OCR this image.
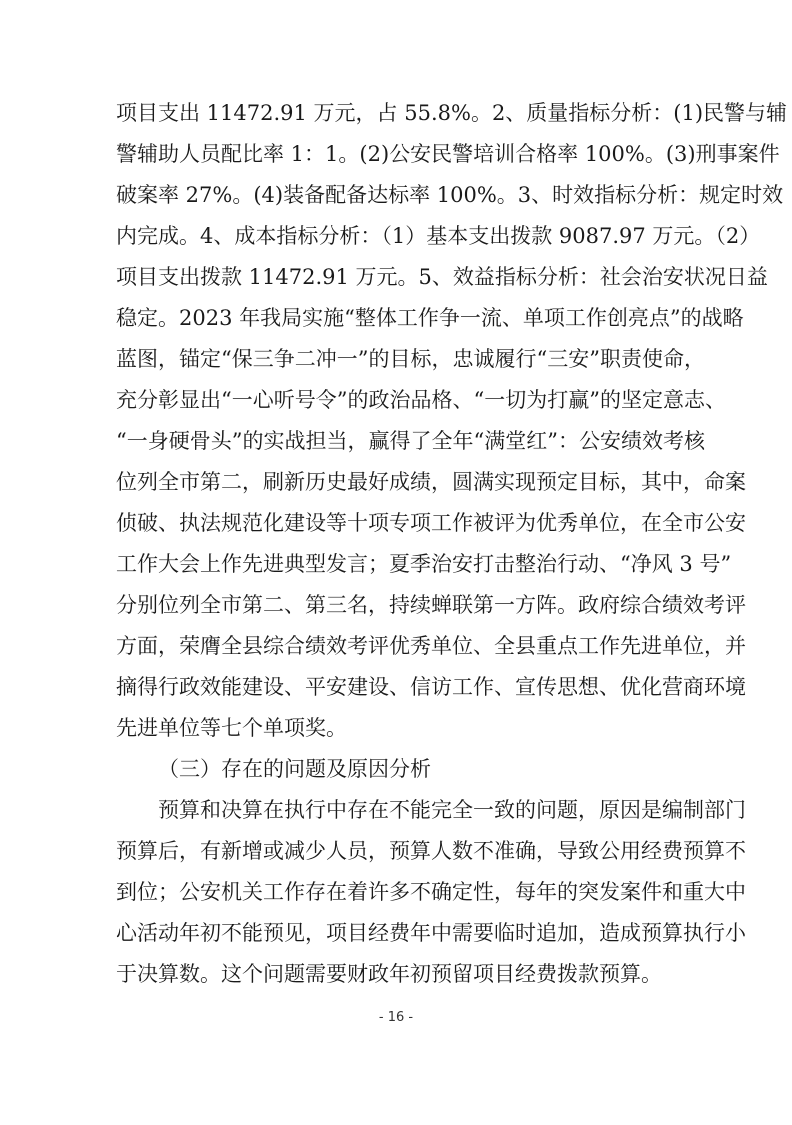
项目支出 11472.91 万元，占 55.8%。2、质量指标分析：(1)民警与辅
警辅助人员配比率 1：1。(2)公安民警培训合格率 100%。(3)刑事案件
破案率 27%。(4)装备配备达标率 100%。3、时效指标分析：规定时效
内完成。4、成本指标分析：（1）基本支出拨款 9087.97 万元。（2）
项目支出拨款 11472.91 万元。5、效益指标分析：社会治安状况日益
稳定。2023 年我局实施“整体工作争一流、单项工作创亮点”的战略
蓝图，锚定“保三争二冲一”的目标，忠诚履行“三安”职责使命，
充分彰显出“一心听号令”的政治品格、“一切为打赢”的坚定意志、
“一身硬骨头”的实战担当，赢得了全年“满堂红”：公安绩效考核
位列全市第二，刷新历史最好成绩，圆满实现预定目标，其中，命案
侦破、执法规范化建设等十项专项工作被评为优秀单位，在全市公安
工作大会上作先进典型发言；夏季治安打击整治行动、“净风 3 号”
分别位列全市第二、第三名，持续蝉联第一方阵。政府综合绩效考评
方面，荣膺全县综合绩效考评优秀单位、全县重点工作先进单位，并
摘得行政效能建设、平安建设、信访工作、宣传思想、优化营商环境
先进单位等七个单项奖。
（三）存在的问题及原因分析
预算和决算在执行中存在不能完全一致的问题，原因是编制部门
预算后，有新增或减少人员，预算人数不准确，导致公用经费预算不
到位；公安机关工作存在着许多不确定性，每年的突发案件和重大中
心活动年初不能预见，项目经费年中需要临时追加，造成预算执行小
于决算数。这个问题需要财政年初预留项目经费拨款预算。
- 16 -
